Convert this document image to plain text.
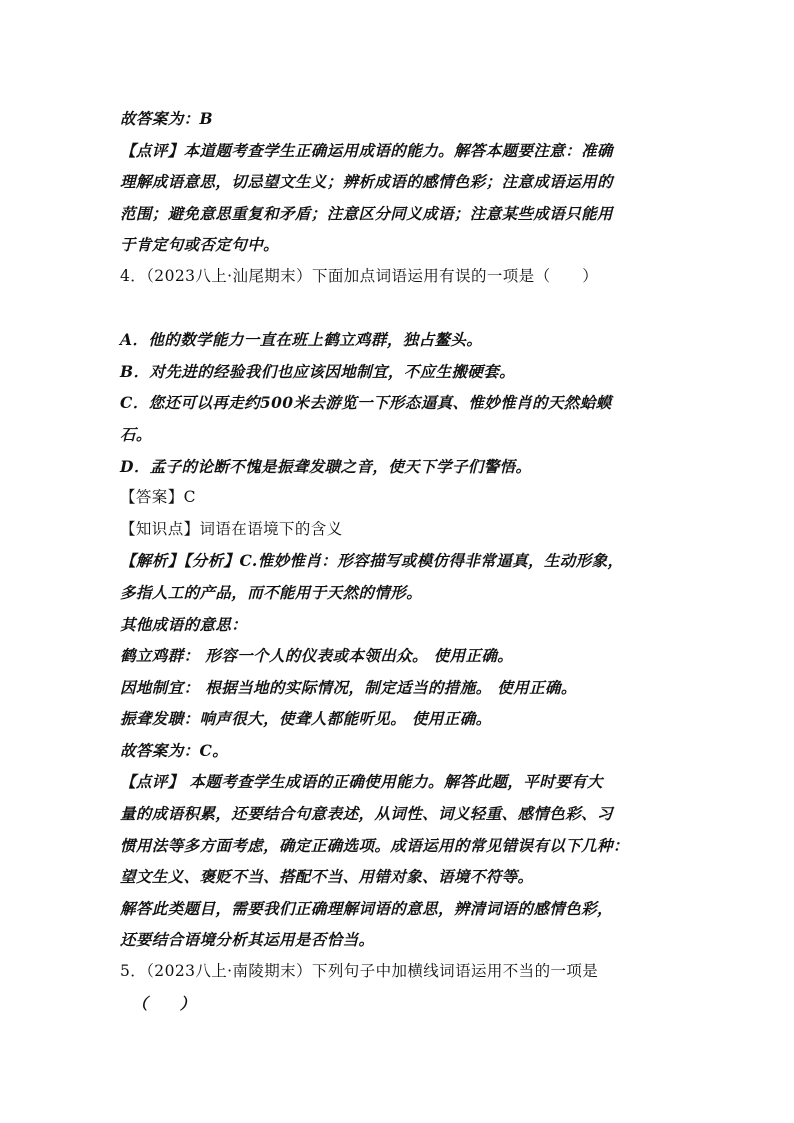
故答案为：B
【点评】本道题考查学生正确运用成语的能力。解答本题要注意：准确
理解成语意思，切忌望文生义；辨析成语的感情色彩；注意成语运用的
范围；避免意思重复和矛盾；注意区分同义成语；注意某些成语只能用
于肯定句或否定句中。
4．（2023八上·汕尾期末）下面加点词语运用有误的一项是（　　）
A．他的数学能力一直在班上鹤立鸡群，独占鳌头。
B．对先进的经验我们也应该因地制宜，不应生搬硬套。
C．您还可以再走约500米去游览一下形态逼真、惟妙惟肖的天然蛤蟆
石。
D．孟子的论断不愧是振聋发聩之音，使天下学子们警悟。
【答案】C
【知识点】词语在语境下的含义
【解析】【分析】C.惟妙惟肖：形容描写或模仿得非常逼真，生动形象，
多指人工的产品，而不能用于天然的情形。
其他成语的意思：
鹤立鸡群： 形容一个人的仪表或本领出众。 使用正确。
因地制宜： 根据当地的实际情况，制定适当的措施。 使用正确。
振聋发聩：响声很大，使聋人都能听见。 使用正确。
故答案为：C。
【点评】 本题考查学生成语的正确使用能力。解答此题，平时要有大
量的成语积累，还要结合句意表述，从词性、词义轻重、感情色彩、习
惯用法等多方面考虑，确定正确选项。成语运用的常见错误有以下几种：
望文生义、褒贬不当、搭配不当、用错对象、语境不符等。
解答此类题目，需要我们正确理解词语的意思，辨清词语的感情色彩，
还要结合语境分析其运用是否恰当。
5．（2023八上·南陵期末）下列句子中加横线词语运用不当的一项是
（　　）
